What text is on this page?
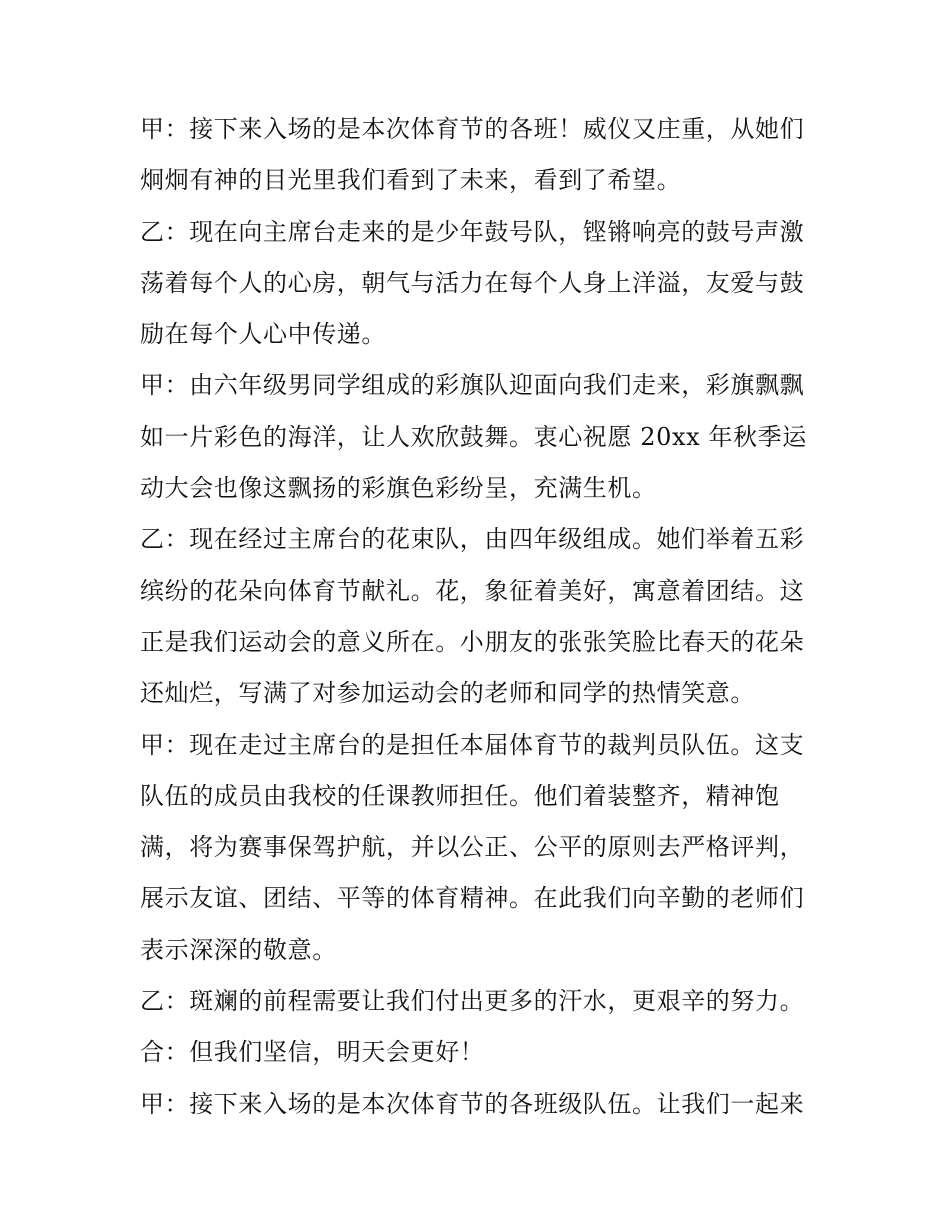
甲：接下来入场的是本次体育节的各班！威仪又庄重，从她们
炯炯有神的目光里我们看到了未来，看到了希望。
乙：现在向主席台走来的是少年鼓号队，铿锵响亮的鼓号声激
荡着每个人的心房，朝气与活力在每个人身上洋溢，友爱与鼓
励在每个人心中传递。
甲：由六年级男同学组成的彩旗队迎面向我们走来，彩旗飘飘
如一片彩色的海洋，让人欢欣鼓舞。衷心祝愿 20xx 年秋季运
动大会也像这飘扬的彩旗色彩纷呈，充满生机。
乙：现在经过主席台的花束队，由四年级组成。她们举着五彩
缤纷的花朵向体育节献礼。花，象征着美好，寓意着团结。这
正是我们运动会的意义所在。小朋友的张张笑脸比春天的花朵
还灿烂，写满了对参加运动会的老师和同学的热情笑意。
甲：现在走过主席台的是担任本届体育节的裁判员队伍。这支
队伍的成员由我校的任课教师担任。他们着装整齐，精神饱
满，将为赛事保驾护航，并以公正、公平的原则去严格评判，
展示友谊、团结、平等的体育精神。在此我们向辛勤的老师们
表示深深的敬意。
乙：斑斓的前程需要让我们付出更多的汗水，更艰辛的努力。
合：但我们坚信，明天会更好！
甲：接下来入场的是本次体育节的各班级队伍。让我们一起来
